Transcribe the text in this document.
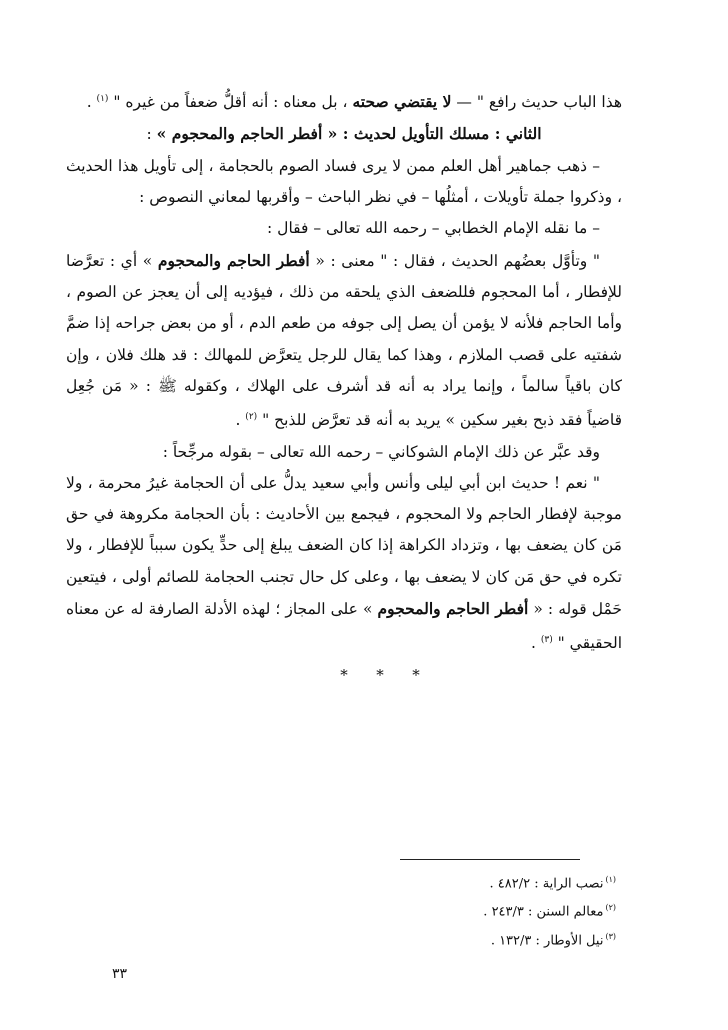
هذا الباب حديث رافع " — لا يقتضي صحته ، بل معناه : أنه أقلُّ ضعفاً من غيره " $^{(١)}$ .

الثاني : مسلك التأويل لحديث : « أفطر الحاجم والمحجوم » :

– ذهب جماهير أهل العلم ممن لا يرى فساد الصوم بالحجامة ، إلى تأويل هذا الحديث ، وذكروا جملة تأويلات ، أمثلُها – في نظر الباحث – وأقربها لمعاني النصوص :

– ما نقله الإمام الخطابي – رحمه الله تعالى – فقال :

" وتأوَّل بعضُهم الحديث ، فقال : " معنى : « أفطر الحاجم والمحجوم » أي : تعرَّضا للإفطار ، أما المحجوم فللضعف الذي يلحقه من ذلك ، فيؤديه إلى أن يعجز عن الصوم ، وأما الحاجم فلأنه لا يؤمن أن يصل إلى جوفه من طعم الدم ، أو من بعض جراحه إذا ضمَّ شفتيه على قصب الملازم ، وهذا كما يقال للرجل يتعرَّض للمهالك : قد هلك فلان ، وإن كان باقياً سالماً ، وإنما يراد به أنه قد أشرف على الهلاك ، وكقوله ﷺ : « مَن جُعِل قاضياً فقد ذبح بغير سكين » يريد به أنه قد تعرَّض للذبح " $^{(٢)}$ .

وقد عبَّر عن ذلك الإمام الشوكاني – رحمه الله تعالى – بقوله مرجِّحاً :

" نعم ! حديث ابن أبي ليلى وأنس وأبي سعيد يدلُّ على أن الحجامة غيرُ محرمة ، ولا موجبة لإفطار الحاجم ولا المحجوم ، فيجمع بين الأحاديث : بأن الحجامة مكروهة في حق مَن كان يضعف بها ، وتزداد الكراهة إذا كان الضعف يبلغ إلى حدٍّ يكون سبباً للإفطار ، ولا تكره في حق مَن كان لا يضعف بها ، وعلى كل حال تجنب الحجامة للصائم أولى ، فيتعين حَمْل قوله : « أفطر الحاجم والمحجوم » على المجاز ؛ لهذه الأدلة الصارفة له عن معناه الحقيقي " $^{(٣)}$ .

***

$^{(١)}$نصب الراية : ٤٨٢/٢ .

$^{(٢)}$معالم السنن : ٢٤٣/٣ .

$^{(٣)}$نيل الأوطار : ١٣٢/٣ .

٣٣
